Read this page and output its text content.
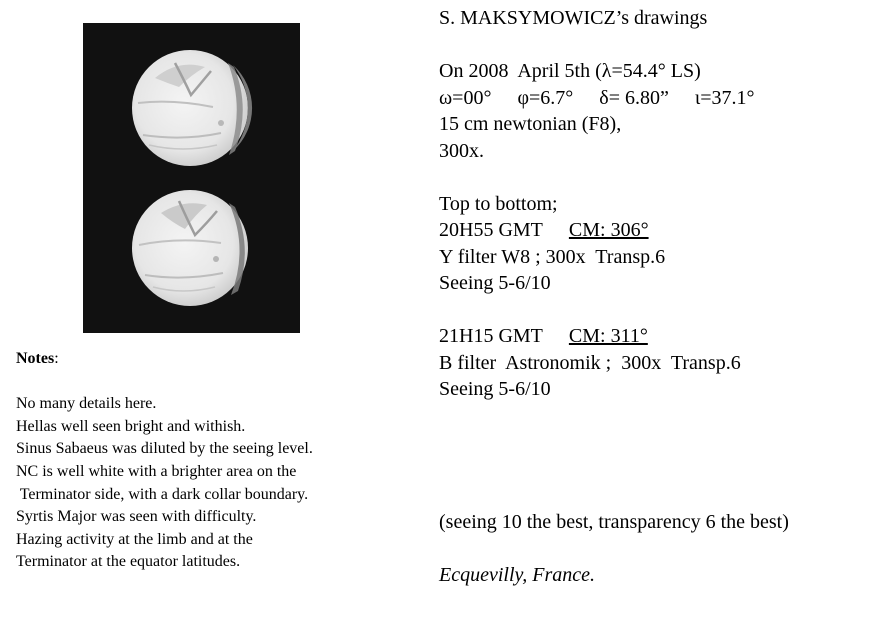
Notes:
No many details here.
Hellas well seen bright and withish.
Sinus Sabaeus was diluted by the seeing level.
NC is well white with a brighter area on the
Terminator side, with a dark collar boundary.
Syrtis Major was seen with difficulty.
Hazing activity at the limb and at the
Terminator at the equator latitudes.
S. MAKSYMOWICZ’s drawings
On 2008  April 5th (λ=54.4° LS)
ω=00° φ=6.7° δ= 6.80” ι=37.1°
15 cm newtonian (F8),
300x.
Top to bottom;
20H55 GMT CM: 306°
Y filter W8 ; 300x  Transp.6
Seeing 5-6/10
21H15 GMT CM: 311°
B filter  Astronomik ;  300x  Transp.6
Seeing 5-6/10
(seeing 10 the best, transparency 6 the best)
Ecquevilly, France.
